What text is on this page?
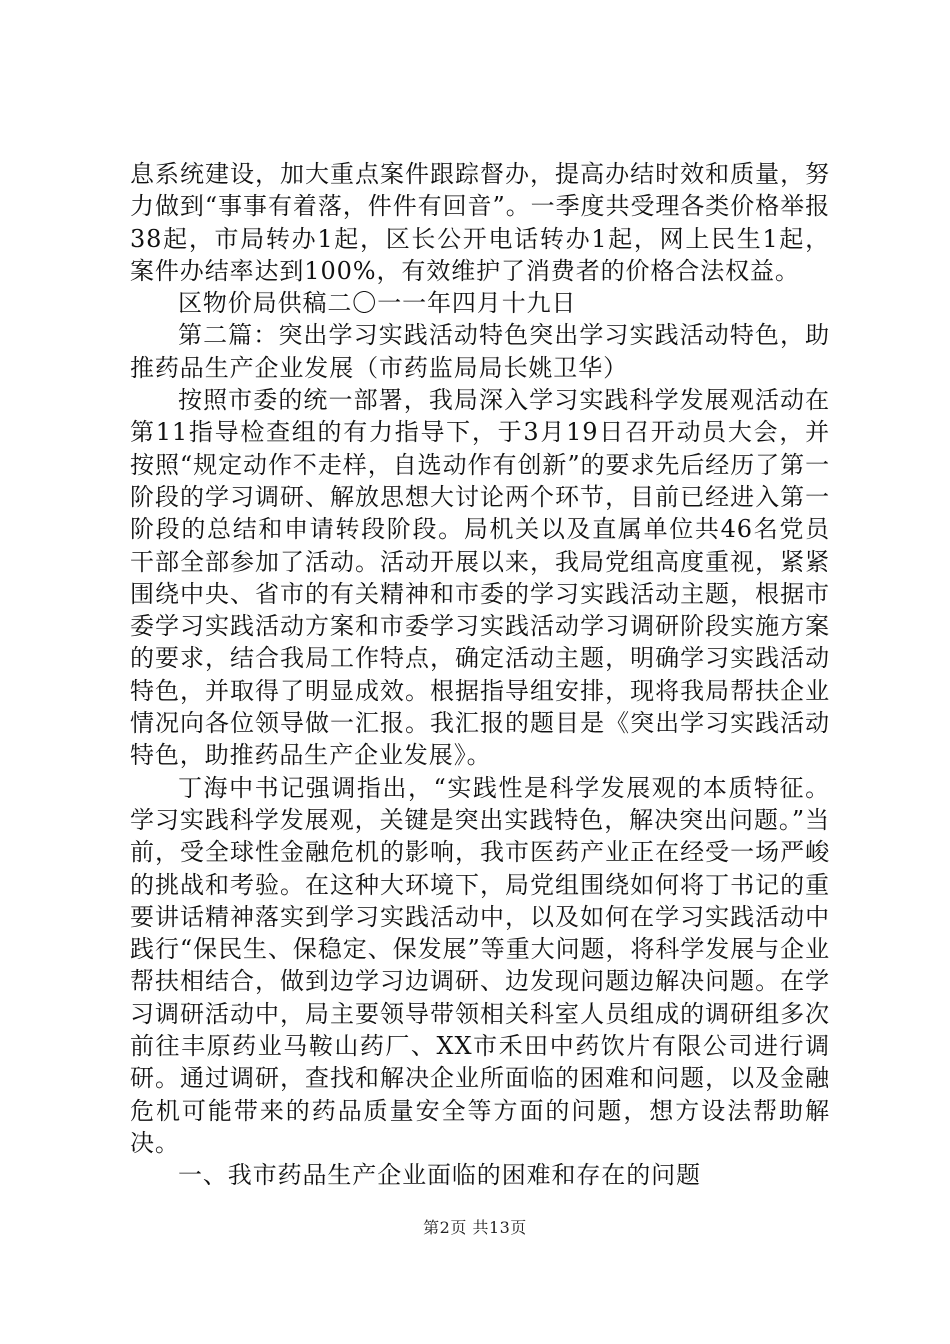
息系统建设，加大重点案件跟踪督办，提高办结时效和质量，努力做到“事事有着落，件件有回音”。一季度共受理各类价格举报38起，市局转办1起，区长公开电话转办1起，网上民生1起，案件办结率达到100%，有效维护了消费者的价格合法权益。

区物价局供稿二〇一一年四月十九日

第二篇：突出学习实践活动特色突出学习实践活动特色，助推药品生产企业发展（市药监局局长姚卫华）

按照市委的统一部署，我局深入学习实践科学发展观活动在第11指导检查组的有力指导下，于3月19日召开动员大会，并按照“规定动作不走样，自选动作有创新”的要求先后经历了第一阶段的学习调研、解放思想大讨论两个环节，目前已经进入第一阶段的总结和申请转段阶段。局机关以及直属单位共46名党员干部全部参加了活动。活动开展以来，我局党组高度重视，紧紧围绕中央、省市的有关精神和市委的学习实践活动主题，根据市委学习实践活动方案和市委学习实践活动学习调研阶段实施方案的要求，结合我局工作特点，确定活动主题，明确学习实践活动特色，并取得了明显成效。根据指导组安排，现将我局帮扶企业情况向各位领导做一汇报。我汇报的题目是《突出学习实践活动特色，助推药品生产企业发展》。

丁海中书记强调指出，“实践性是科学发展观的本质特征。学习实践科学发展观，关键是突出实践特色，解决突出问题。”当前，受全球性金融危机的影响，我市医药产业正在经受一场严峻的挑战和考验。在这种大环境下，局党组围绕如何将丁书记的重要讲话精神落实到学习实践活动中，以及如何在学习实践活动中践行“保民生、保稳定、保发展”等重大问题，将科学发展与企业帮扶相结合，做到边学习边调研、边发现问题边解决问题。在学习调研活动中，局主要领导带领相关科室人员组成的调研组多次前往丰原药业马鞍山药厂、XX市禾田中药饮片有限公司进行调研。通过调研，查找和解决企业所面临的困难和问题，以及金融危机可能带来的药品质量安全等方面的问题，想方设法帮助解决。

一、我市药品生产企业面临的困难和存在的问题

第2页 共13页
